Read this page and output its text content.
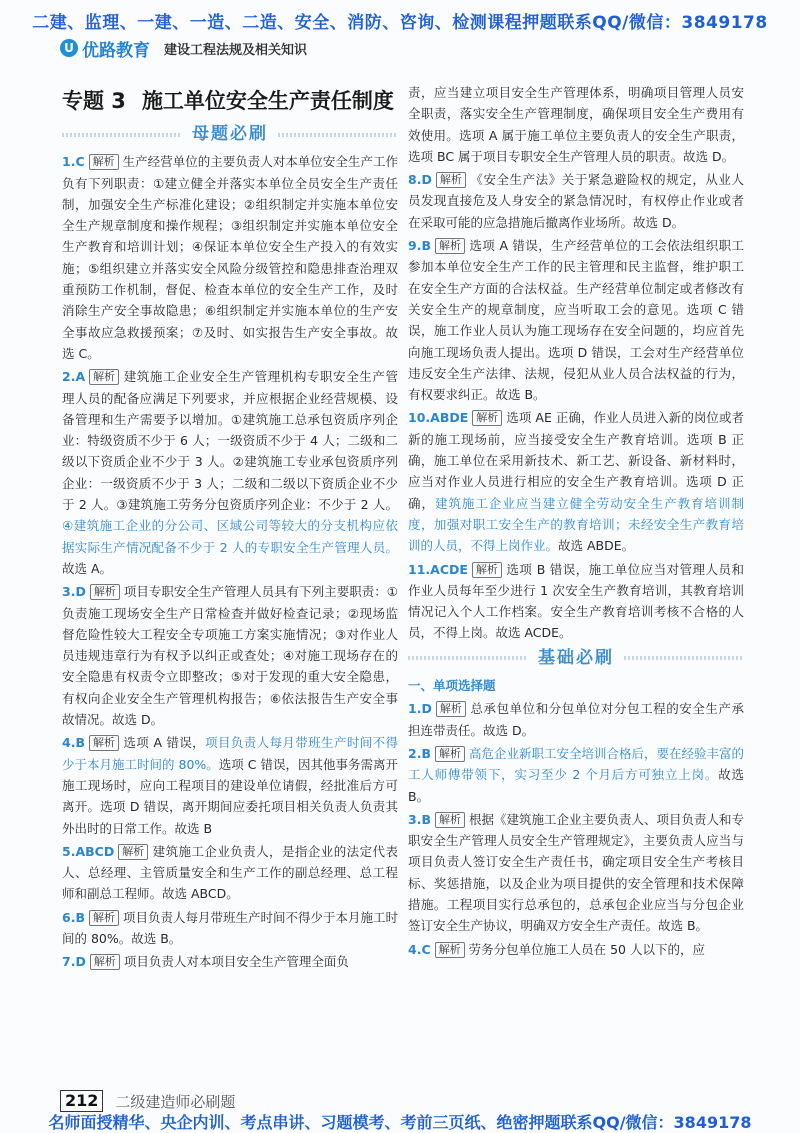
二建、监理、一建、一造、二造、安全、消防、咨询、检测课程押题联系QQ/微信：3849178
U 优路教育 建设工程法规及相关知识
专题 3 施工单位安全生产责任制度
母题必刷
1.C 解析 生产经营单位的主要负责人对本单位安全生产工作负有下列职责：①建立健全并落实本单位全员安全生产责任制，加强安全生产标准化建设；②组织制定并实施本单位安全生产规章制度和操作规程；③组织制定并实施本单位安全生产教育和培训计划；④保证本单位安全生产投入的有效实施；⑤组织建立并落实安全风险分级管控和隐患排查治理双重预防工作机制，督促、检查本单位的安全生产工作，及时消除生产安全事故隐患；⑥组织制定并实施本单位的生产安全事故应急救援预案；⑦及时、如实报告生产安全事故。故选 C。
2.A 解析 建筑施工企业安全生产管理机构专职安全生产管理人员的配备应满足下列要求，并应根据企业经营规模、设备管理和生产需要予以增加。①建筑施工总承包资质序列企业：特级资质不少于 6 人；一级资质不少于 4 人；二级和二级以下资质企业不少于 3 人。②建筑施工专业承包资质序列企业：一级资质不少于 3 人；二级和二级以下资质企业不少于 2 人。③建筑施工劳务分包资质序列企业：不少于 2 人。④建筑施工企业的分公司、区域公司等较大的分支机构应依据实际生产情况配备不少于 2 人的专职安全生产管理人员。故选 A。
3.D 解析 项目专职安全生产管理人员具有下列主要职责：①负责施工现场安全生产日常检查并做好检查记录；②现场监督危险性较大工程安全专项施工方案实施情况；③对作业人员违规违章行为有权予以纠正或查处；④对施工现场存在的安全隐患有权责令立即整改；⑤对于发现的重大安全隐患，有权向企业安全生产管理机构报告；⑥依法报告生产安全事故情况。故选 D。
4.B 解析 选项 A 错误，项目负责人每月带班生产时间不得少于本月施工时间的 80%。选项 C 错误，因其他事务需离开施工现场时，应向工程项目的建设单位请假，经批准后方可离开。选项 D 错误，离开期间应委托项目相关负责人负责其外出时的日常工作。故选 B
5.ABCD 解析 建筑施工企业负责人，是指企业的法定代表人、总经理、主管质量安全和生产工作的副总经理、总工程师和副总工程师。故选 ABCD。
6.B 解析 项目负责人每月带班生产时间不得少于本月施工时间的 80%。故选 B。
7.D 解析 项目负责人对本项目安全生产管理全面负
责，应当建立项目安全生产管理体系，明确项目管理人员安全职责，落实安全生产管理制度，确保项目安全生产费用有效使用。选项 A 属于施工单位主要负责人的安全生产职责，选项 BC 属于项目专职安全生产管理人员的职责。故选 D。
8.D 解析 《安全生产法》关于紧急避险权的规定，从业人员发现直接危及人身安全的紧急情况时，有权停止作业或者在采取可能的应急措施后撤离作业场所。故选 D。
9.B 解析 选项 A 错误，生产经营单位的工会依法组织职工参加本单位安全生产工作的民主管理和民主监督，维护职工在安全生产方面的合法权益。生产经营单位制定或者修改有关安全生产的规章制度，应当听取工会的意见。选项 C 错误，施工作业人员认为施工现场存在安全问题的，均应首先向施工现场负责人提出。选项 D 错误，工会对生产经营单位违反安全生产法律、法规，侵犯从业人员合法权益的行为，有权要求纠正。故选 B。
10.ABDE 解析 选项 AE 正确，作业人员进入新的岗位或者新的施工现场前，应当接受安全生产教育培训。选项 B 正确，施工单位在采用新技术、新工艺、新设备、新材料时，应当对作业人员进行相应的安全生产教育培训。选项 D 正确，建筑施工企业应当建立健全劳动安全生产教育培训制度，加强对职工安全生产的教育培训；未经安全生产教育培训的人员，不得上岗作业。故选 ABDE。
11.ACDE 解析 选项 B 错误，施工单位应当对管理人员和作业人员每年至少进行 1 次安全生产教育培训，其教育培训情况记入个人工作档案。安全生产教育培训考核不合格的人员，不得上岗。故选 ACDE。
基础必刷
一、单项选择题
1.D 解析 总承包单位和分包单位对分包工程的安全生产承担连带责任。故选 D。
2.B 解析 高危企业新职工安全培训合格后，要在经验丰富的工人师傅带领下，实习至少 2 个月后方可独立上岗。故选 B。
3.B 解析 根据《建筑施工企业主要负责人、项目负责人和专职安全生产管理人员安全生产管理规定》，主要负责人应当与项目负责人签订安全生产责任书，确定项目安全生产考核目标、奖惩措施，以及企业为项目提供的安全管理和技术保障措施。工程项目实行总承包的，总承包企业应当与分包企业签订安全生产协议，明确双方安全生产责任。故选 B。
4.C 解析 劳务分包单位施工人员在 50 人以下的，应
212	二级建造师必刷题
名师面授精华、央企内训、考点串讲、习题模考、考前三页纸、绝密押题联系QQ/微信：3849178
